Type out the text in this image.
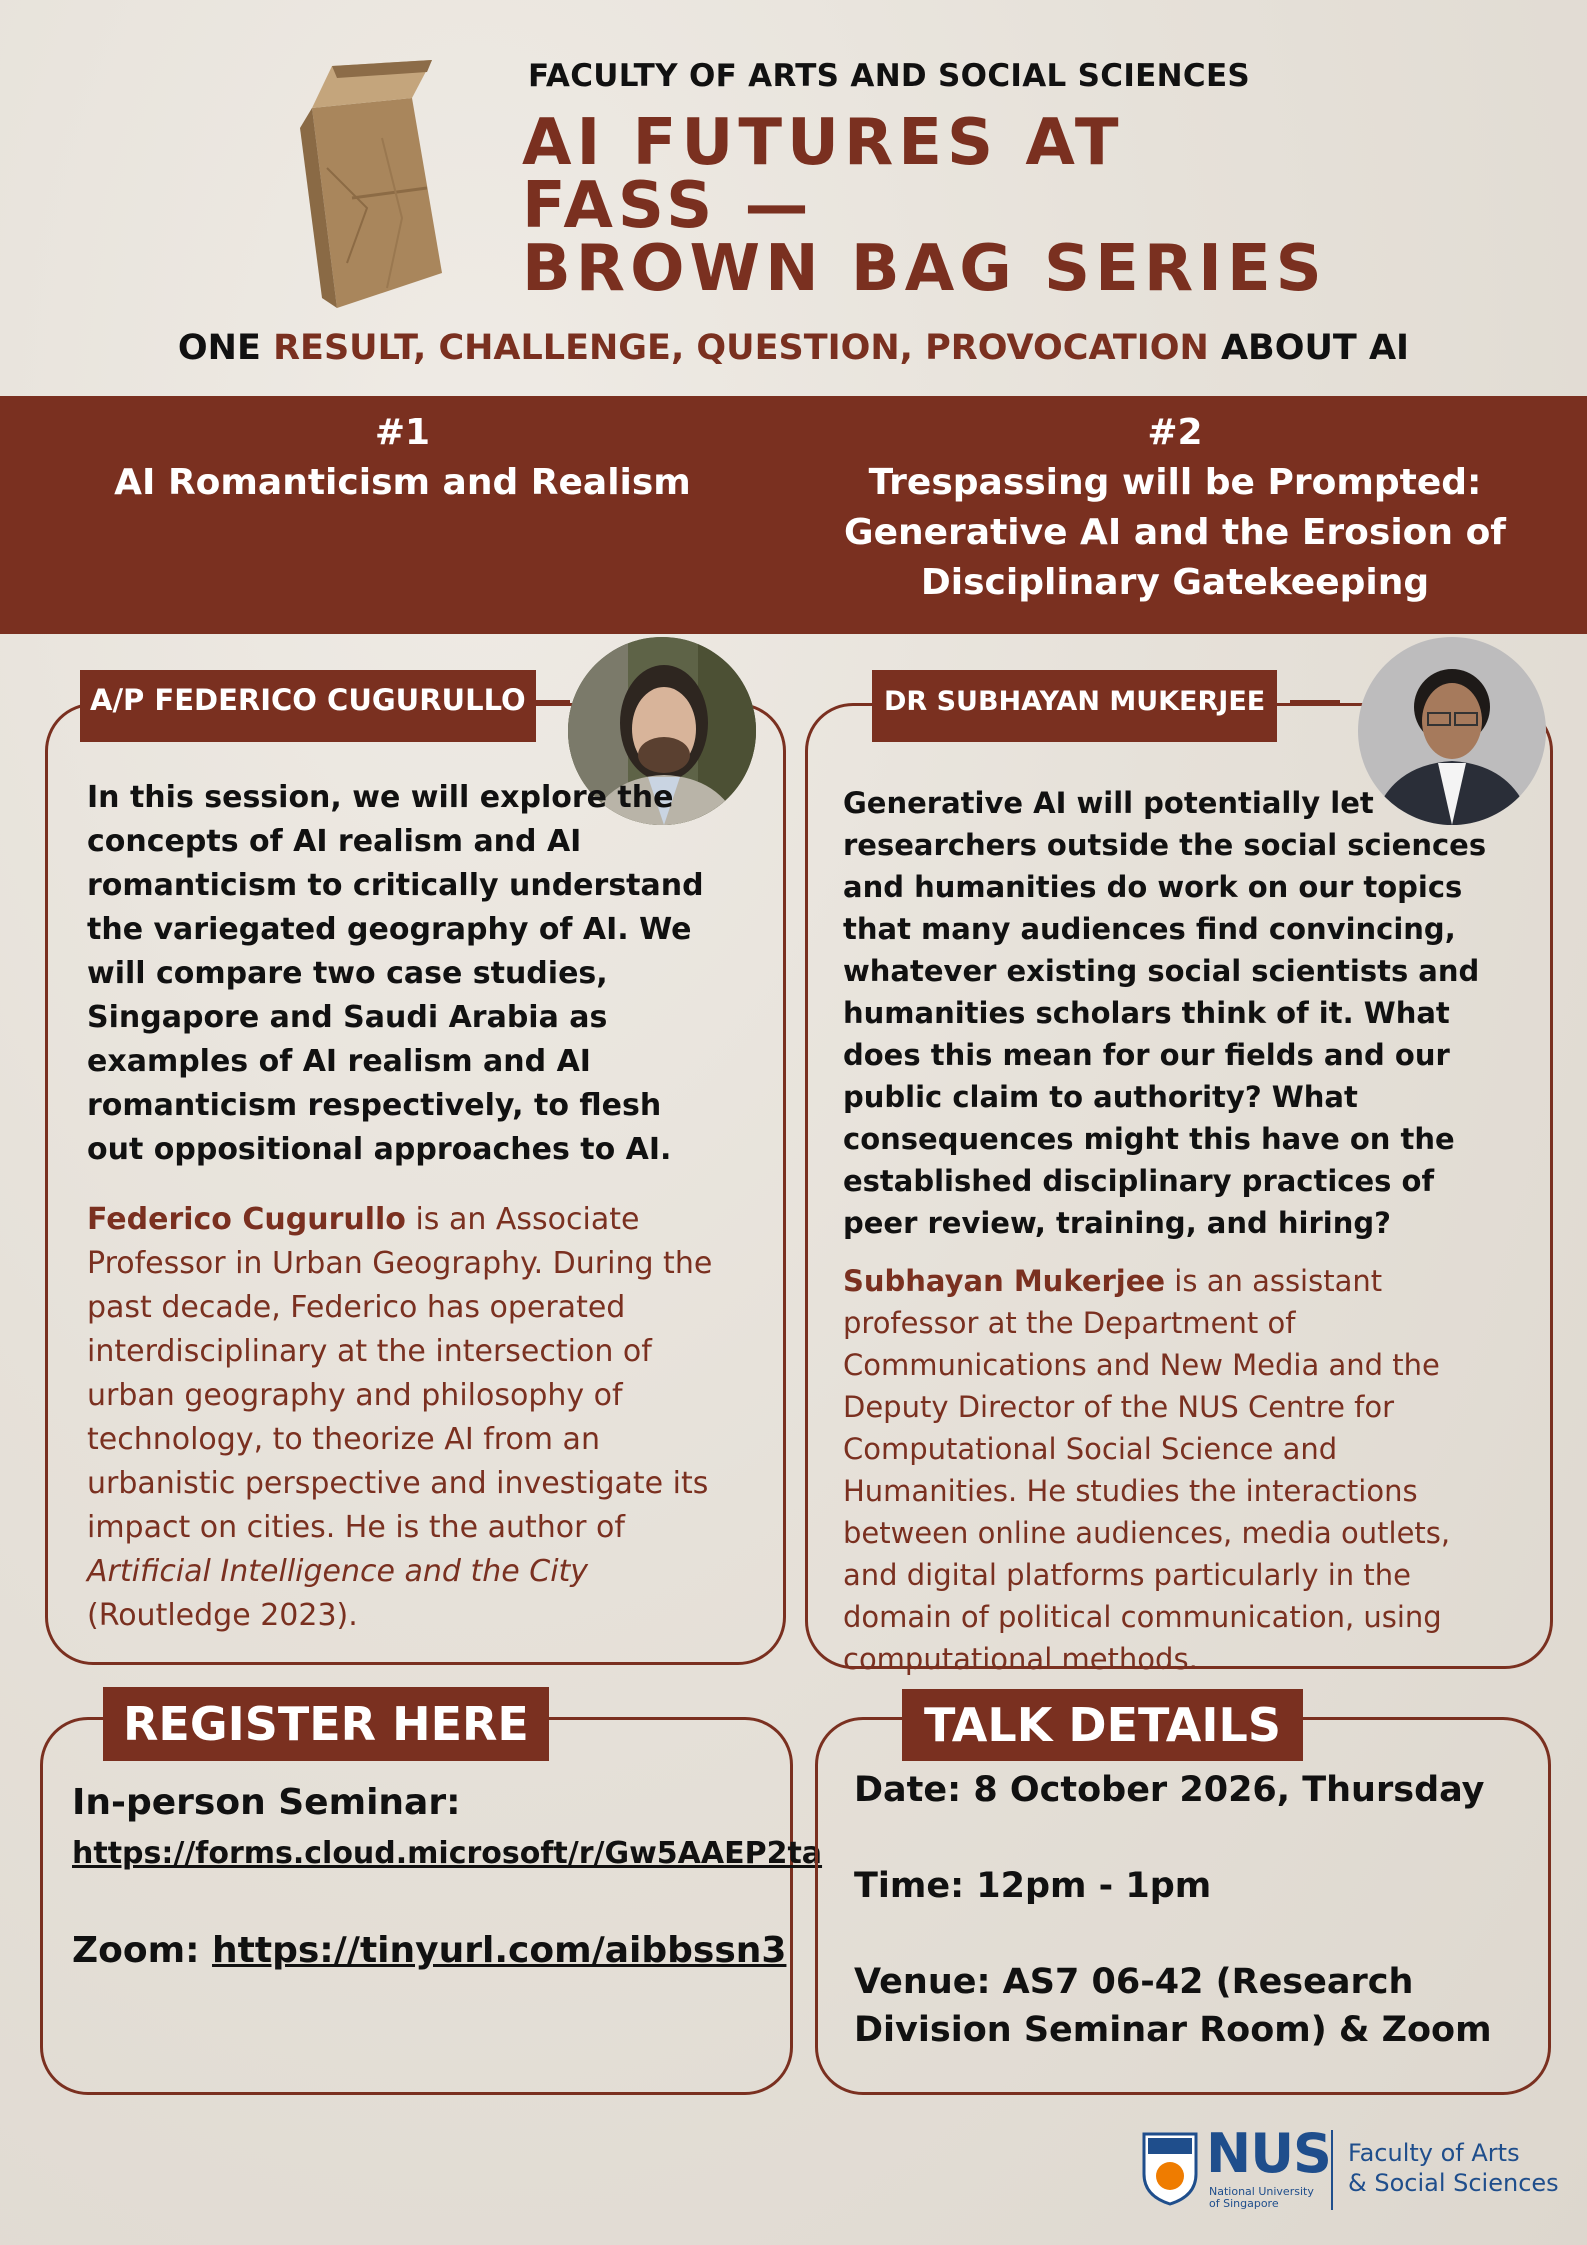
FACULTY OF ARTS AND SOCIAL SCIENCES
AI FUTURES AT
FASS —
BROWN BAG SERIES
ONE RESULT, CHALLENGE, QUESTION, PROVOCATION ABOUT AI
#1
AI Romanticism and Realism
#2
Trespassing will be Prompted: Generative AI and the Erosion of Disciplinary Gatekeeping
A/P FEDERICO CUGURULLO
In this session, we will explore the concepts of AI realism and AI romanticism to critically understand the variegated geography of AI. We will compare two case studies, Singapore and Saudi Arabia as examples of AI realism and AI romanticism respectively, to flesh out oppositional approaches to AI.
Federico Cugurullo is an Associate Professor in Urban Geography. During the past decade, Federico has operated interdisciplinary at the intersection of urban geography and philosophy of technology, to theorize AI from an urbanistic perspective and investigate its impact on cities. He is the author of Artificial Intelligence and the City (Routledge 2023).
DR SUBHAYAN MUKERJEE
Generative AI will potentially let researchers outside the social sciences and humanities do work on our topics that many audiences find convincing, whatever existing social scientists and humanities scholars think of it. What does this mean for our fields and our public claim to authority? What consequences might this have on the established disciplinary practices of peer review, training, and hiring?
Subhayan Mukerjee is an assistant professor at the Department of Communications and New Media and the Deputy Director of the NUS Centre for Computational Social Science and Humanities. He studies the interactions between online audiences, media outlets, and digital platforms particularly in the domain of political communication, using computational methods.
REGISTER HERE
In-person Seminar:
https://forms.cloud.microsoft/r/Gw5AAEP2ta
Zoom: https://tinyurl.com/aibbssn3
TALK DETAILS
Date: 8 October 2026, Thursday
Time: 12pm - 1pm
Venue: AS7 06-42 (Research Division Seminar Room) & Zoom
NUS
National University
of Singapore
Faculty of Arts
& Social Sciences
